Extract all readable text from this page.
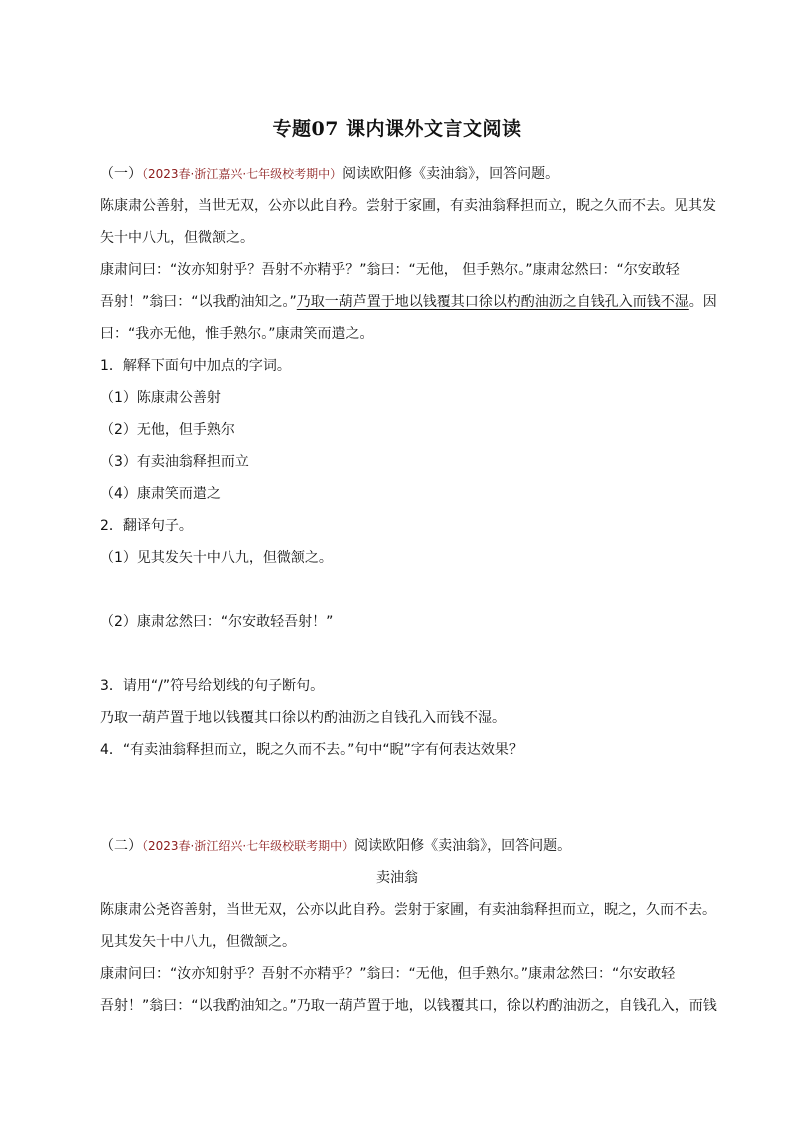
专题07 课内课外文言文阅读
（一）（2023春·浙江嘉兴·七年级校考期中）阅读欧阳修《卖油翁》，回答问题。
陈康肃公善射，当世无双，公亦以此自矜。尝射于家圃，有卖油翁释担而立，睨之久而不去。见其发
矢十中八九，但微颔之。
康肃问曰：“汝亦知射乎？吾射不亦精乎？”翁曰：“无他， 但手熟尔。”康肃忿然曰：“尔安敢轻
吾射！”翁曰：“以我酌油知之。”乃取一葫芦置于地以钱覆其口徐以杓酌油沥之自钱孔入而钱不湿。因
曰：“我亦无他，惟手熟尔。”康肃笑而遣之。
1．解释下面句中加点的字词。
（1）陈康肃公善射
（2）无他，但手熟尔
（3）有卖油翁释担而立
（4）康肃笑而遣之
2．翻译句子。
（1）见其发矢十中八九，但微颔之。
（2）康肃忿然曰：“尔安敢轻吾射！”
3．请用“/”符号给划线的句子断句。
乃取一葫芦置于地以钱覆其口徐以杓酌油沥之自钱孔入而钱不湿。
4．“有卖油翁释担而立，睨之久而不去。”句中“睨”字有何表达效果？
（二）（2023春·浙江绍兴·七年级校联考期中）阅读欧阳修《卖油翁》，回答问题。
卖油翁
陈康肃公尧咨善射，当世无双，公亦以此自矜。尝射于家圃，有卖油翁释担而立，睨之，久而不去。
见其发矢十中八九，但微颔之。
康肃问曰：“汝亦知射乎？吾射不亦精乎？”翁曰：“无他，但手熟尔。”康肃忿然曰：“尔安敢轻
吾射！”翁曰：“以我酌油知之。”乃取一葫芦置于地，以钱覆其口，徐以杓酌油沥之，自钱孔入，而钱
